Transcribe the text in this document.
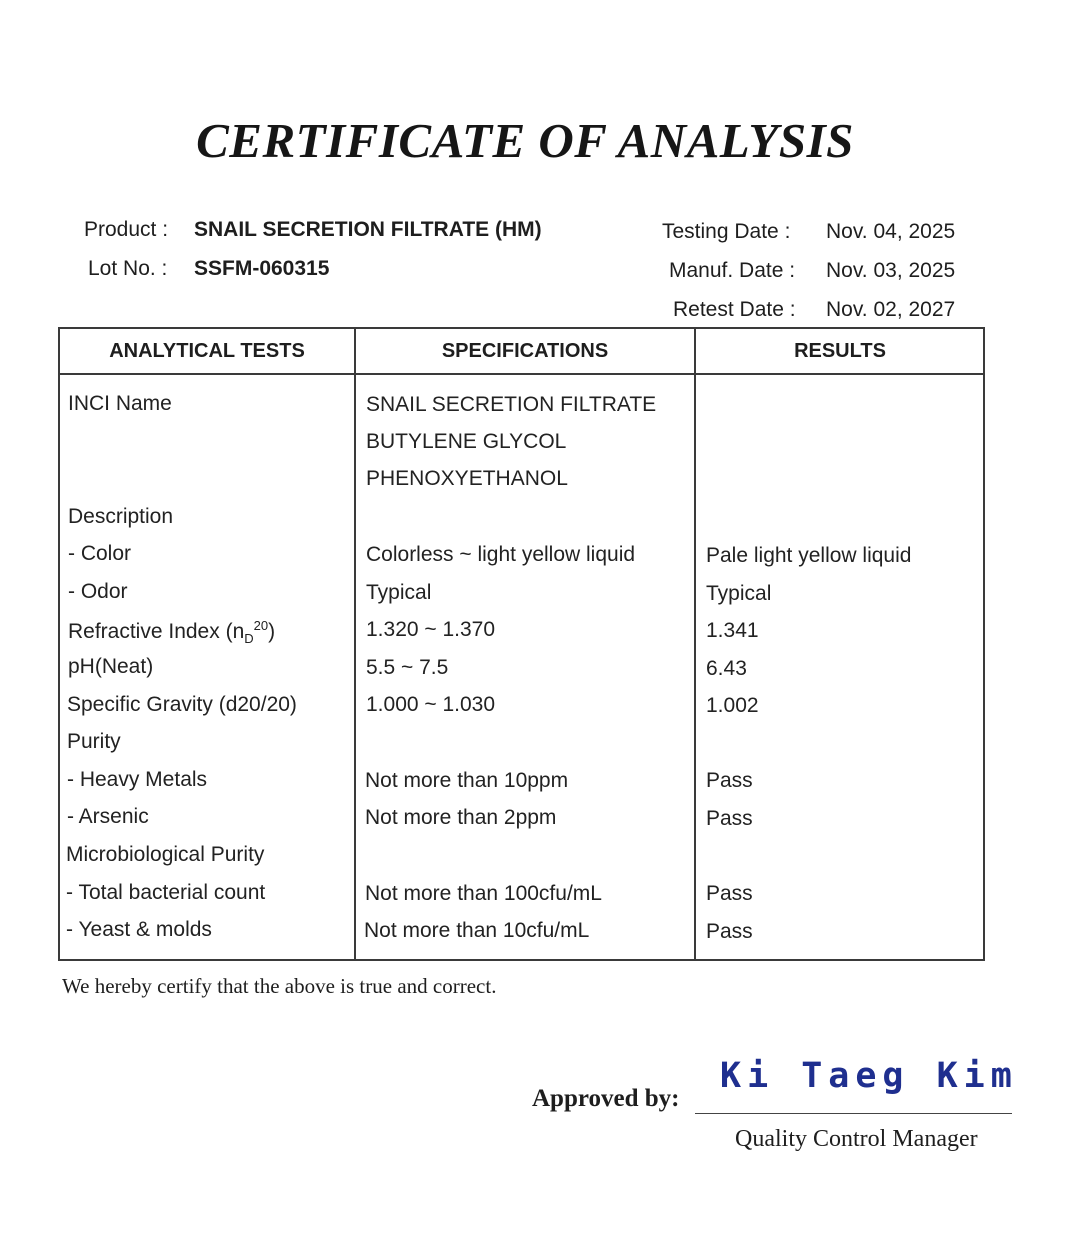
CERTIFICATE OF ANALYSIS
Product : SNAIL SECRETION FILTRATE (HM)
Lot No. : SSFM-060315
Testing Date : Nov. 04, 2025
Manuf. Date : Nov. 03, 2025
Retest Date : Nov. 02, 2027
ANALYTICAL TESTS	SPECIFICATIONS	RESULTS
INCI Name	SNAIL SECRETION FILTRATE
BUTYLENE GLYCOL
PHENOXYETHANOL
Description
- Color	Colorless ~ light yellow liquid	Pale light yellow liquid
- Odor	Typical	Typical
Refractive Index $(n_D^{20})$	1.320 ~ 1.370	1.341
pH(Neat)	5.5 ~ 7.5	6.43
Specific Gravity (d20/20)	1.000 ~ 1.030	1.002
Purity
- Heavy Metals	Not more than 10ppm	Pass
- Arsenic	Not more than 2ppm	Pass
Microbiological Purity
- Total bacterial count	Not more than 100cfu/mL	Pass
- Yeast & molds	Not more than 10cfu/mL	Pass
We hereby certify that the above is true and correct.
Approved by:
Ki Taeg Kim
Quality Control Manager
